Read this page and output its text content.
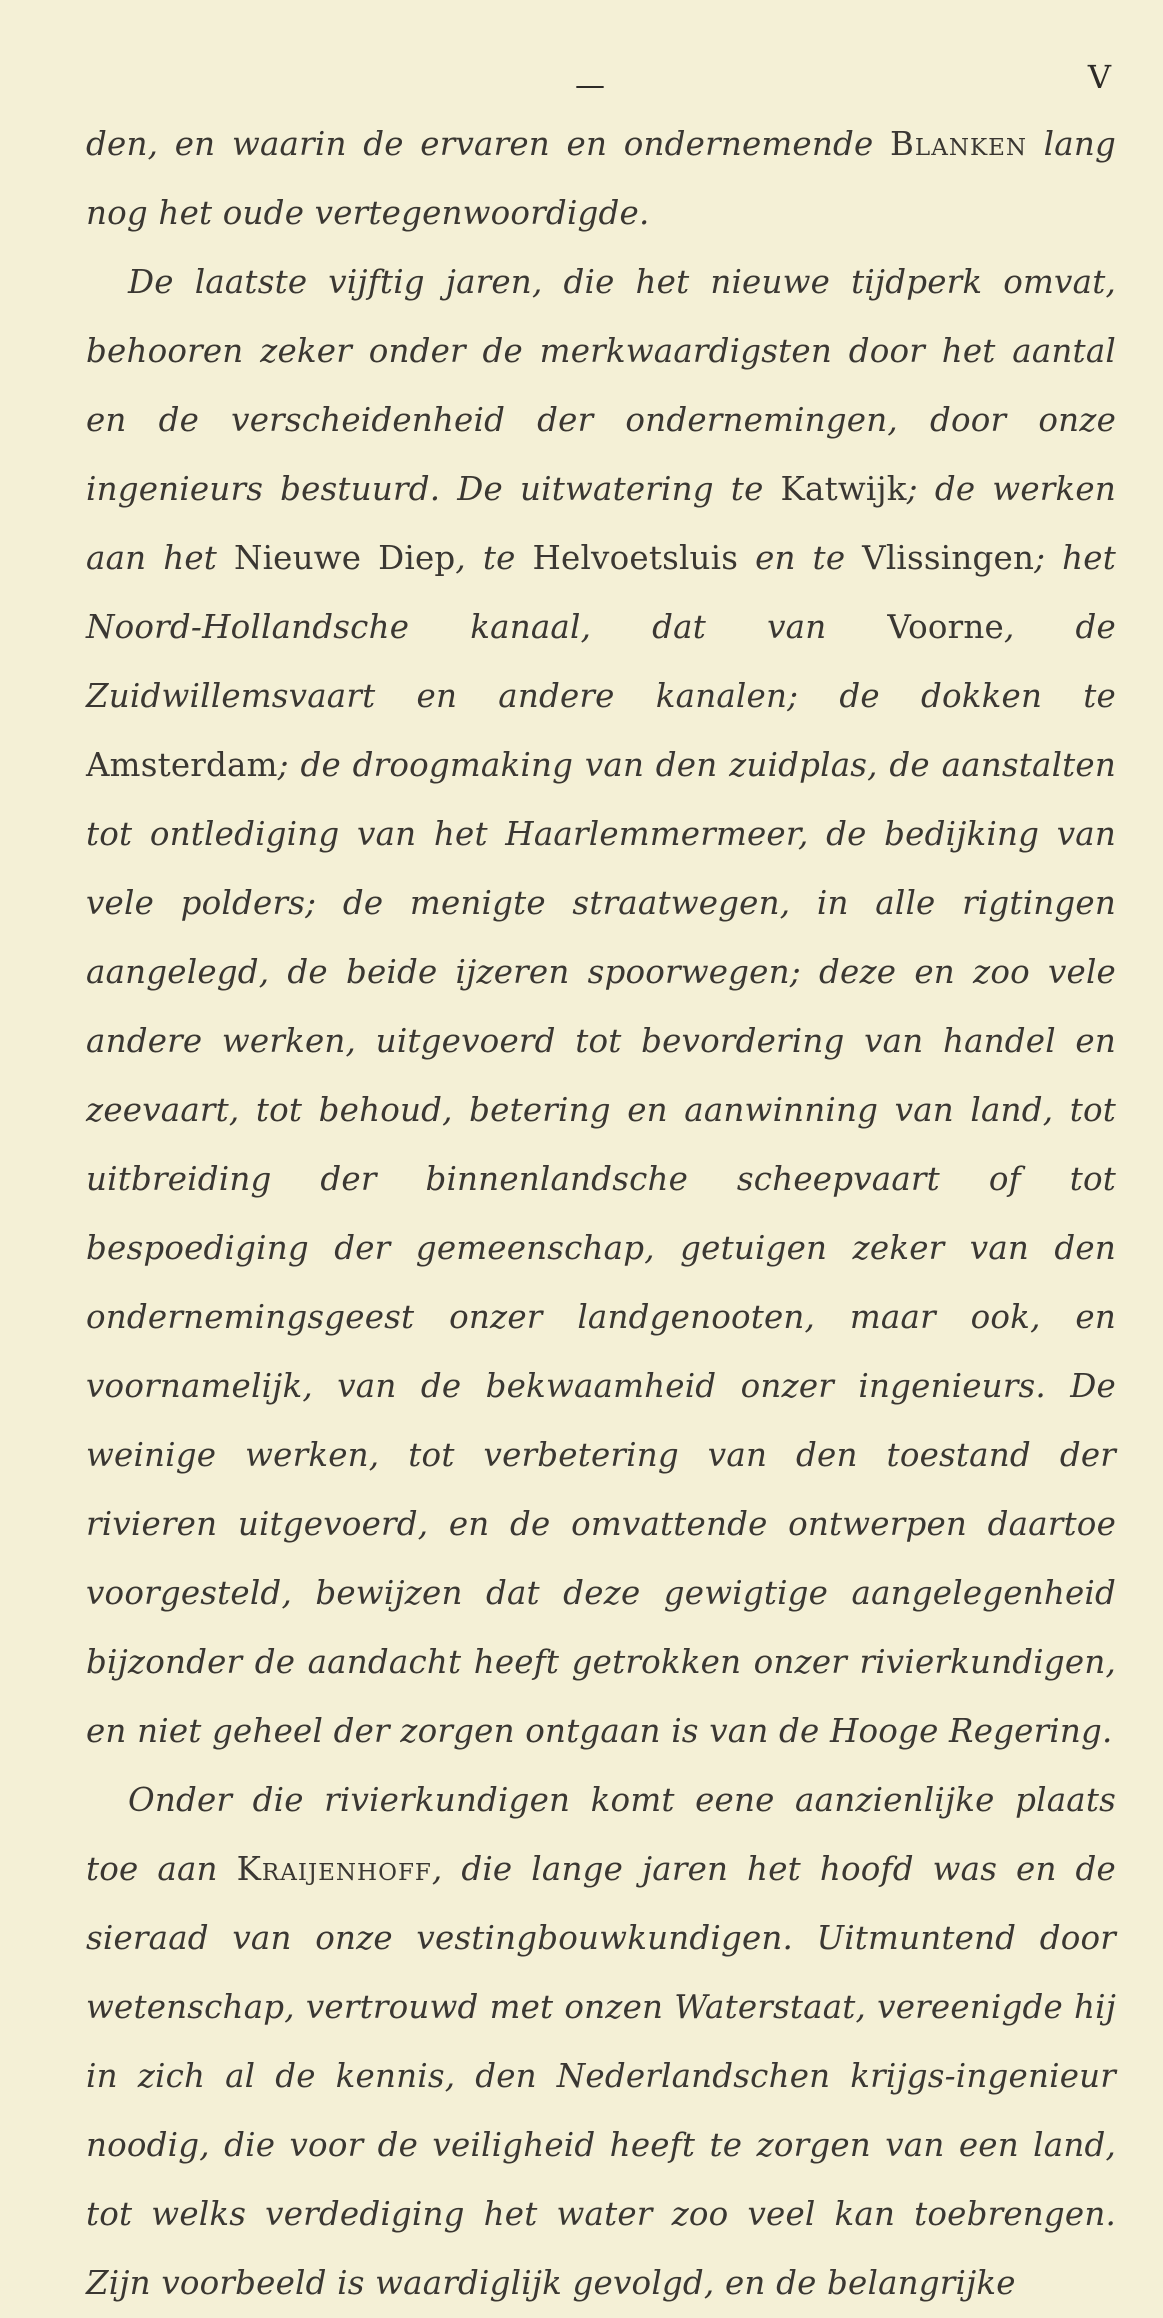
—	V

den, en waarin de ervaren en ondernemende Blanken lang nog het oude vertegenwoordigde.

De laatste vijftig jaren, die het nieuwe tijdperk omvat, behooren zeker onder de merkwaardigsten door het aantal en de verscheidenheid der ondernemingen, door onze ingenieurs bestuurd. De uitwatering te Katwijk; de werken aan het Nieuwe Diep, te Helvoetsluis en te Vlissingen; het Noord-Hollandsche kanaal, dat van Voorne, de Zuidwillemsvaart en andere kanalen; de dokken te Amsterdam; de droogmaking van den zuidplas, de aanstalten tot ontlediging van het Haarlemmermeer, de bedijking van vele polders; de menigte straatwegen, in alle rigtingen aangelegd, de beide ijzeren spoorwegen; deze en zoo vele andere werken, uitgevoerd tot bevordering van handel en zeevaart, tot behoud, betering en aanwinning van land, tot uitbreiding der binnenlandsche scheepvaart of tot bespoediging der gemeenschap, getuigen zeker van den ondernemingsgeest onzer landgenooten, maar ook, en voornamelijk, van de bekwaamheid onzer ingenieurs. De weinige werken, tot verbetering van den toestand der rivieren uitgevoerd, en de omvattende ontwerpen daartoe voorgesteld, bewijzen dat deze gewigtige aangelegenheid bijzonder de aandacht heeft getrokken onzer rivierkundigen, en niet geheel der zorgen ontgaan is van de Hooge Regering.

Onder die rivierkundigen komt eene aanzienlijke plaats toe aan Kraijenhoff, die lange jaren het hoofd was en de sieraad van onze vestingbouwkundigen. Uitmuntend door wetenschap, vertrouwd met onzen Waterstaat, vereenigde hij in zich al de kennis, den Nederlandschen krijgs-ingenieur noodig, die voor de veiligheid heeft te zorgen van een land, tot welks verdediging het water zoo veel kan toebrengen. Zijn voorbeeld is waardiglijk gevolgd, en de belangrijke
